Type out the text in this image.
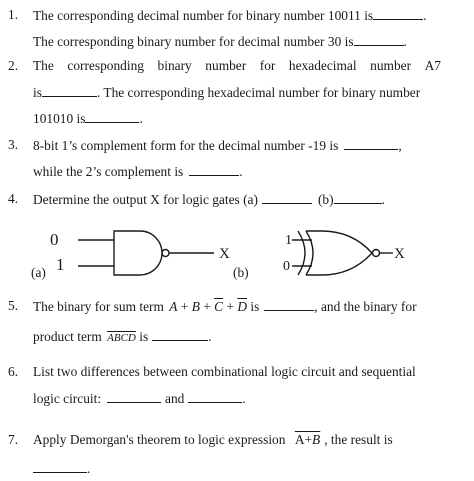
1. The corresponding decimal number for binary number 10011 is	.
The corresponding binary number for decimal number 30 is	.
2. The corresponding binary number for hexadecimal number A7
is	. The corresponding hexadecimal number for binary number
101010 is	.
3. 8-bit 1’s complement form for the decimal number -19 is	,
while the 2’s complement is	.
4. Determine the output X for logic gates (a)	(b)	.
0
1
(a)
X
1
0
(b)
X
5. The binary for sum term $A + B + \overline{C} + \overline{D}$ is	, and the binary for
product term ABCD is	.
6. List two differences between combinational logic circuit and sequential
logic circuit:	and	.
7. Apply Demorgan's theorem to logic expression A+B , the result is
.
